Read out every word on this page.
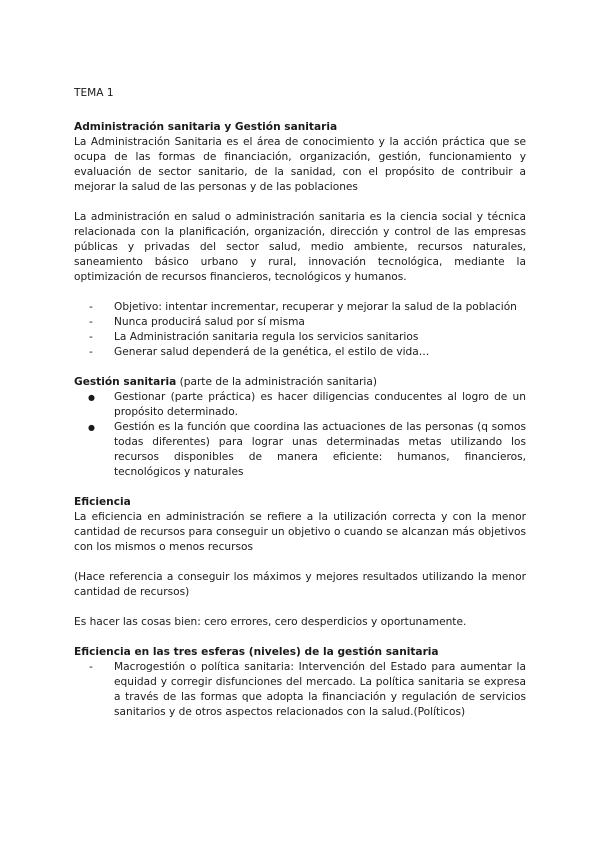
TEMA 1
Administración sanitaria y Gestión sanitaria

La Administración Sanitaria es el área de conocimiento y la acción práctica que se ocupa de las formas de financiación, organización, gestión, funcionamiento y evaluación de sector sanitario, de la sanidad, con el propósito de contribuir a mejorar la salud de las personas y de las poblaciones

La administración en salud o administración sanitaria es la ciencia social y técnica relacionada con la planificación, organización, dirección y control de las empresas públicas y privadas del sector salud, medio ambiente, recursos naturales, saneamiento básico urbano y rural, innovación tecnológica, mediante la optimización de recursos financieros, tecnológicos y humanos.

- Objetivo: intentar incrementar, recuperar y mejorar la salud de la población
- Nunca producirá salud por sí misma
- La Administración sanitaria regula los servicios sanitarios
- Generar salud dependerá de la genética, el estilo de vida…
Gestión sanitaria (parte de la administración sanitaria)
● Gestionar (parte práctica) es hacer diligencias conducentes al logro de un propósito determinado.
● Gestión es la función que coordina las actuaciones de las personas (q somos todas diferentes) para lograr unas determinadas metas utilizando los recursos disponibles de manera eficiente: humanos, financieros, tecnológicos y naturales
Eficiencia

La eficiencia en administración se refiere a la utilización correcta y con la menor cantidad de recursos para conseguir un objetivo o cuando se alcanzan más objetivos con los mismos o menos recursos

(Hace referencia a conseguir los máximos y mejores resultados utilizando la menor cantidad de recursos)

Es hacer las cosas bien: cero errores, cero desperdicios y oportunamente.

Eficiencia en las tres esferas (niveles) de la gestión sanitaria
- Macrogestión o política sanitaria: Intervención del Estado para aumentar la equidad y corregir disfunciones del mercado. La política sanitaria se expresa a través de las formas que adopta la financiación y regulación de servicios sanitarios y de otros aspectos relacionados con la salud.(Políticos)
